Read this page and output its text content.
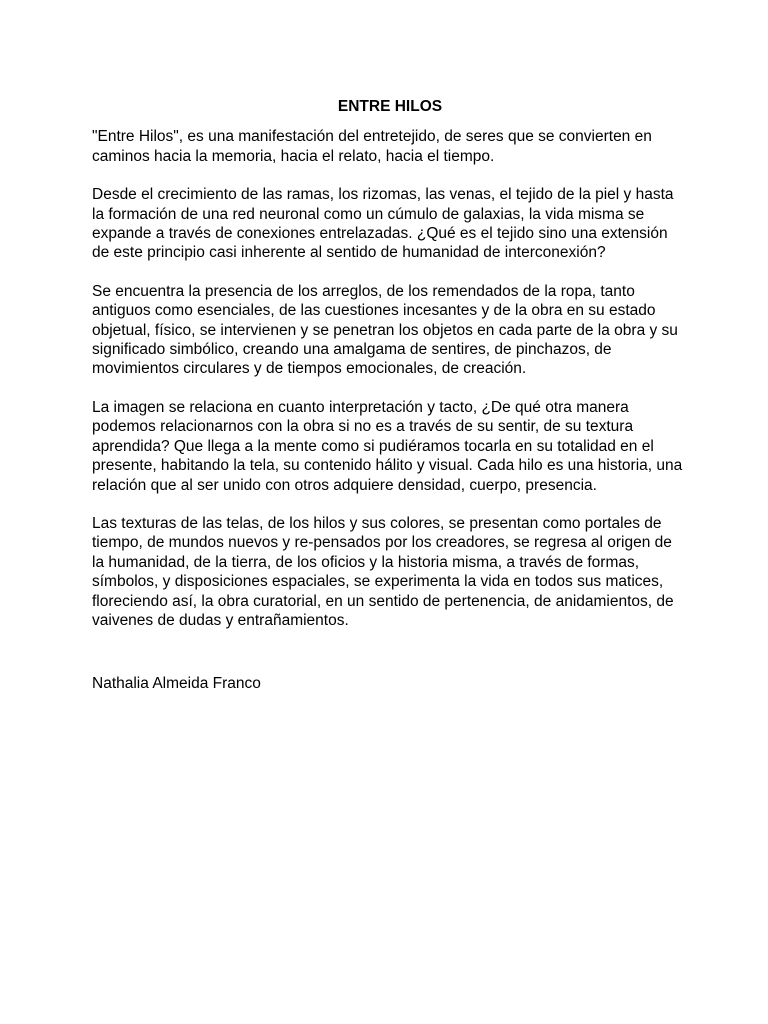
ENTRE HILOS

"Entre Hilos", es una manifestación del entretejido, de seres que se convierten en caminos hacia la memoria, hacia el relato, hacia el tiempo.

Desde el crecimiento de las ramas, los rizomas, las venas, el tejido de la piel y hasta la formación de una red neuronal como un cúmulo de galaxias, la vida misma se expande a través de conexiones entrelazadas. ¿Qué es el tejido sino una extensión de este principio casi inherente al sentido de humanidad de interconexión?

Se encuentra la presencia de los arreglos, de los remendados de la ropa, tanto antiguos como esenciales, de las cuestiones incesantes y de la obra en su estado objetual, físico, se intervienen y se penetran los objetos en cada parte de la obra y su significado simbólico, creando una amalgama de sentires, de pinchazos, de movimientos circulares y de tiempos emocionales, de creación.

La imagen se relaciona en cuanto interpretación y tacto, ¿De qué otra manera podemos relacionarnos con la obra si no es a través de su sentir, de su textura aprendida? Que llega a la mente como si pudiéramos tocarla en su totalidad en el presente, habitando la tela, su contenido hálito y visual. Cada hilo es una historia, una relación que al ser unido con otros adquiere densidad, cuerpo, presencia.

Las texturas de las telas, de los hilos y sus colores, se presentan como portales de tiempo, de mundos nuevos y re-pensados por los creadores, se regresa al origen de la humanidad, de la tierra, de los oficios y la historia misma, a través de formas, símbolos, y disposiciones espaciales, se experimenta la vida en todos sus matices, floreciendo así, la obra curatorial, en un sentido de pertenencia, de anidamientos, de vaivenes de dudas y entrañamientos.

Nathalia Almeida Franco
